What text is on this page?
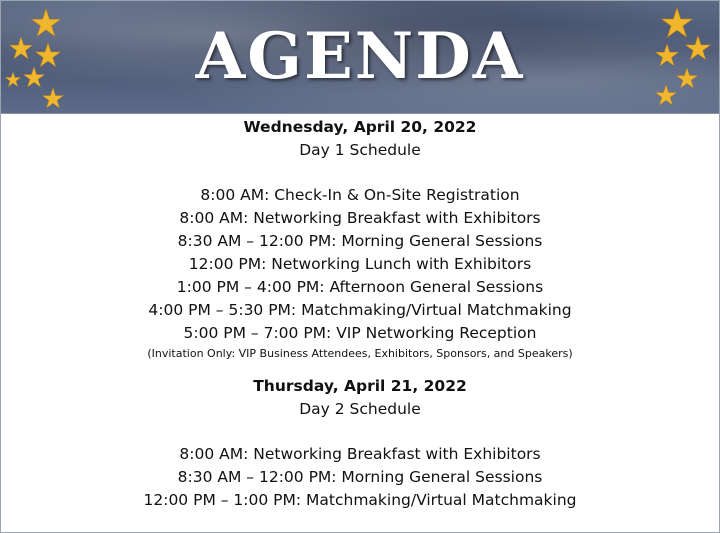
AGENDA
Wednesday, April 20, 2022
Day 1 Schedule
8:00 AM: Check-In & On-Site Registration
8:00 AM: Networking Breakfast with Exhibitors
8:30 AM – 12:00 PM: Morning General Sessions
12:00 PM: Networking Lunch with Exhibitors
1:00 PM – 4:00 PM: Afternoon General Sessions
4:00 PM – 5:30 PM: Matchmaking/Virtual Matchmaking
5:00 PM – 7:00 PM: VIP Networking Reception
(Invitation Only: VIP Business Attendees, Exhibitors, Sponsors, and Speakers)
Thursday, April 21, 2022
Day 2 Schedule
8:00 AM: Networking Breakfast with Exhibitors
8:30 AM – 12:00 PM: Morning General Sessions
12:00 PM – 1:00 PM: Matchmaking/Virtual Matchmaking
